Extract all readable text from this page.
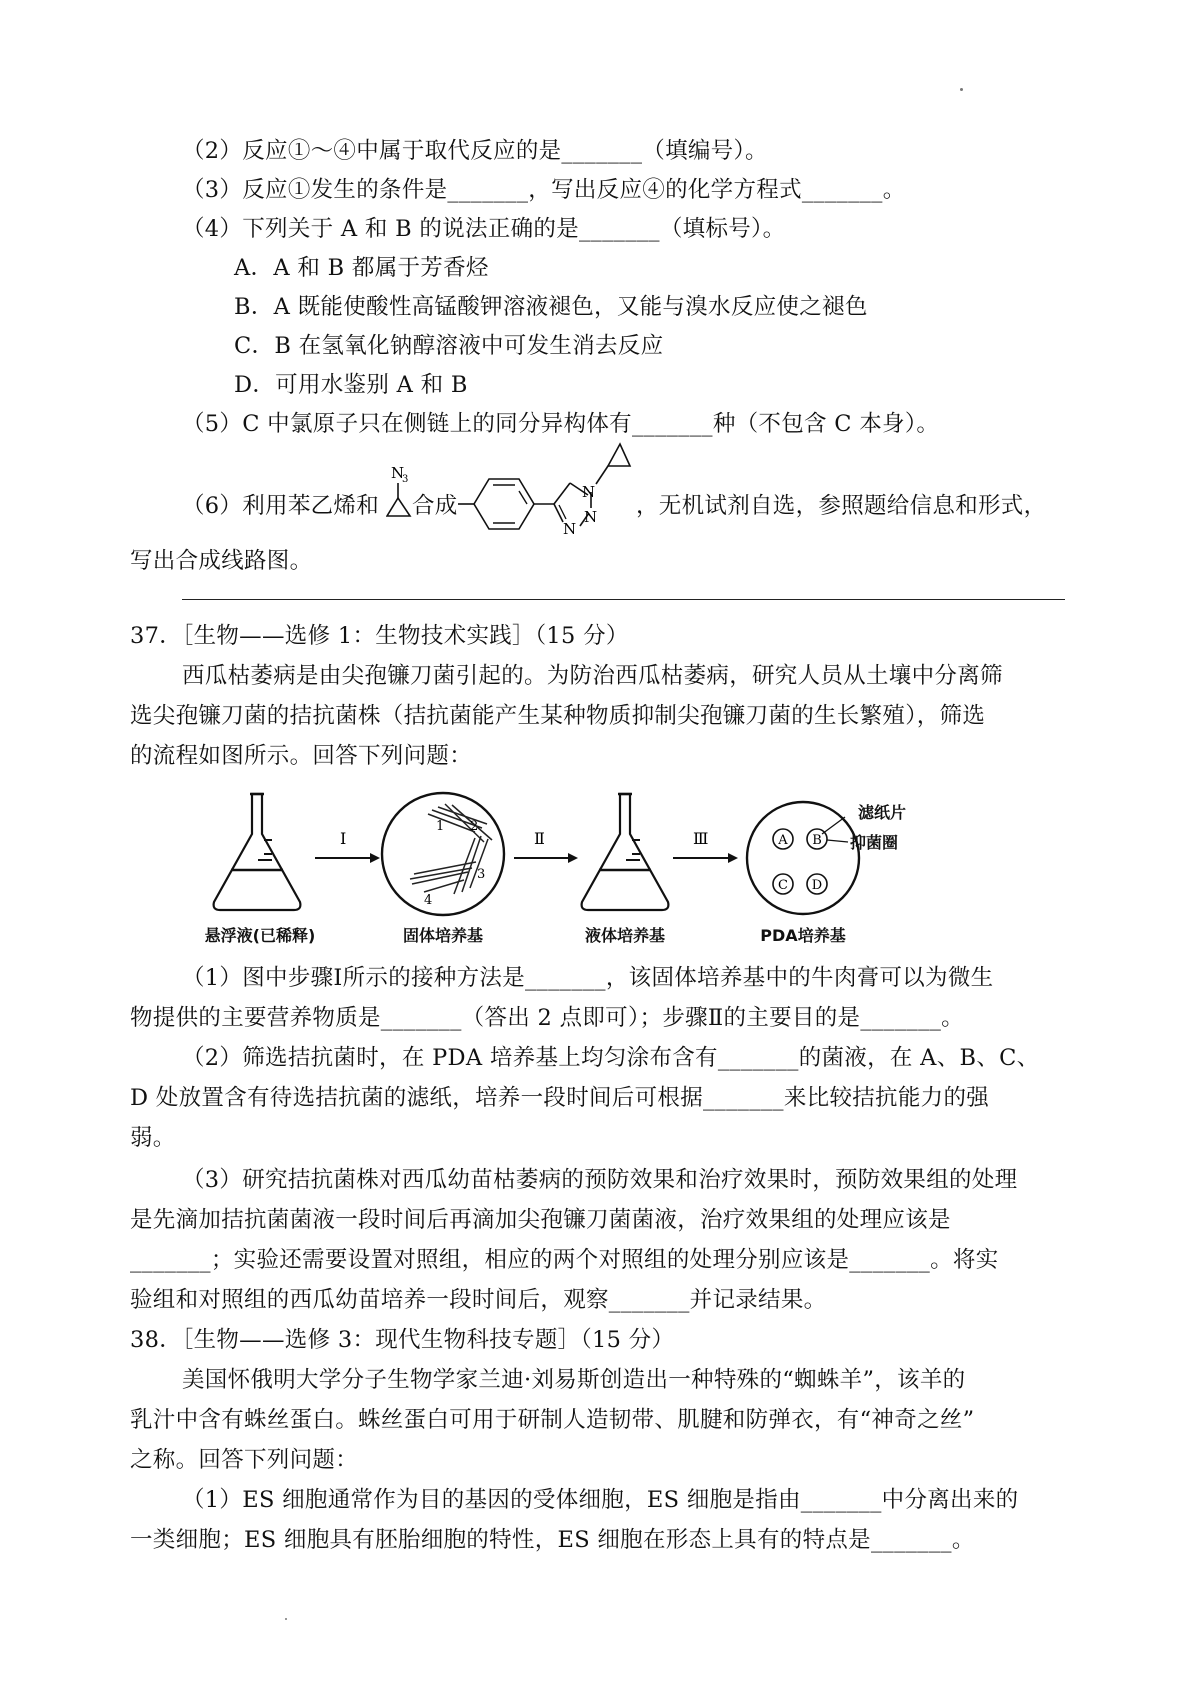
（2）反应①～④中属于取代反应的是_______（填编号）。
（3）反应①发生的条件是_______，写出反应④的化学方程式_______。
（4）下列关于 A 和 B 的说法正确的是_______（填标号）。
A．A 和 B 都属于芳香烃
B．A 既能使酸性高锰酸钾溶液褪色，又能与溴水反应使之褪色
C．B 在氢氧化钠醇溶液中可发生消去反应
D．可用水鉴别 A 和 B
（5）C 中氯原子只在侧链上的同分异构体有_______种（不包含 C 本身）。
（6）利用苯乙烯和
N
3
合成
N
N
N
，无机试剂自选，参照题给信息和形式，
写出合成线路图。
37．［生物——选修 1：生物技术实践］（15 分）
西瓜枯萎病是由尖孢镰刀菌引起的。为防治西瓜枯萎病，研究人员从土壤中分离筛
选尖孢镰刀菌的拮抗菌株（拮抗菌能产生某种物质抑制尖孢镰刀菌的生长繁殖），筛选
的流程如图所示。回答下列问题：
Ⅰ
1 2
3
4
Ⅱ	Ⅲ	A B
C D
滤纸片
抑菌圈
悬浮液(已稀释)	固体培养基	液体培养基	PDA培养基
（1）图中步骤Ⅰ所示的接种方法是_______，该固体培养基中的牛肉膏可以为微生
物提供的主要营养物质是_______（答出 2 点即可）；步骤Ⅱ的主要目的是_______。
（2）筛选拮抗菌时，在 PDA 培养基上均匀涂布含有_______的菌液，在 A、B、C、
D 处放置含有待选拮抗菌的滤纸，培养一段时间后可根据_______来比较拮抗能力的强
弱。
（3）研究拮抗菌株对西瓜幼苗枯萎病的预防效果和治疗效果时，预防效果组的处理
是先滴加拮抗菌菌液一段时间后再滴加尖孢镰刀菌菌液，治疗效果组的处理应该是
_______；实验还需要设置对照组，相应的两个对照组的处理分别应该是_______。将实
验组和对照组的西瓜幼苗培养一段时间后，观察_______并记录结果。
38．［生物——选修 3：现代生物科技专题］（15 分）
美国怀俄明大学分子生物学家兰迪·刘易斯创造出一种特殊的“蜘蛛羊”，该羊的
乳汁中含有蛛丝蛋白。蛛丝蛋白可用于研制人造韧带、肌腱和防弹衣，有“神奇之丝”
之称。回答下列问题：
（1）ES 细胞通常作为目的基因的受体细胞，ES 细胞是指由_______中分离出来的
一类细胞；ES 细胞具有胚胎细胞的特性，ES 细胞在形态上具有的特点是_______。
